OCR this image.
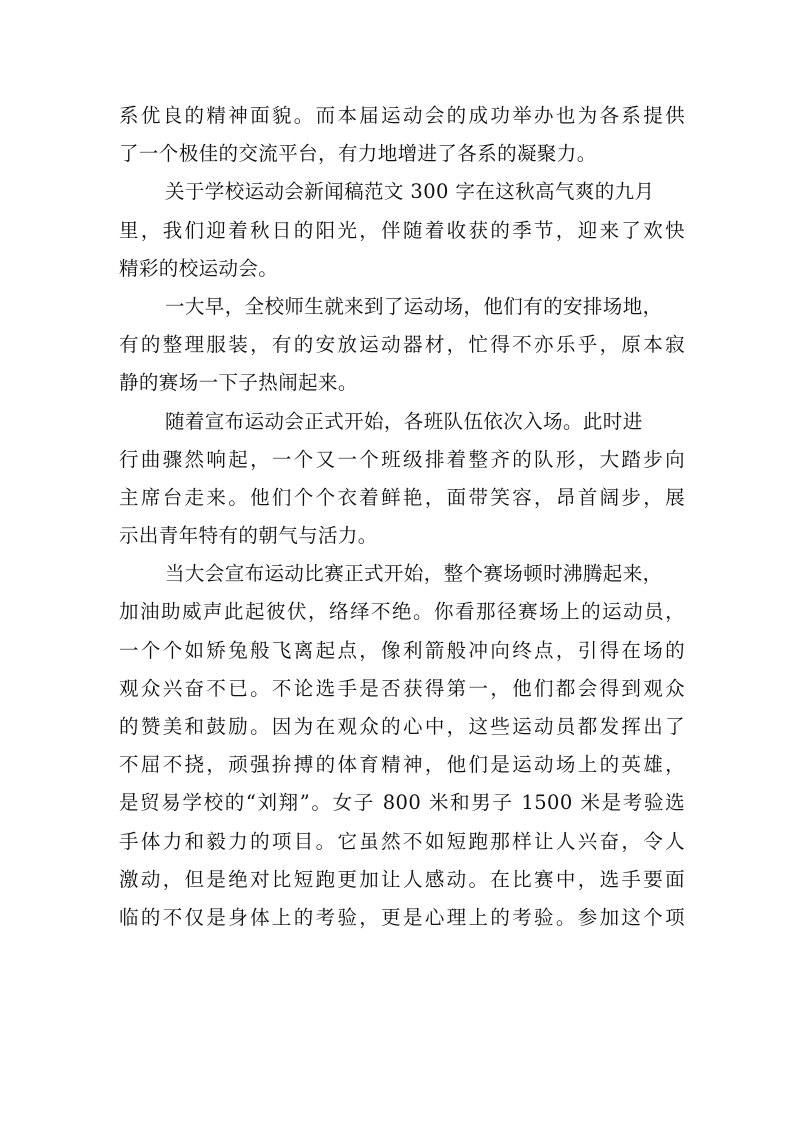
系优良的精神面貌。而本届运动会的成功举办也为各系提供
了一个极佳的交流平台，有力地增进了各系的凝聚力。
关于学校运动会新闻稿范文 300 字在这秋高气爽的九月
里，我们迎着秋日的阳光，伴随着收获的季节，迎来了欢快
精彩的校运动会。
一大早，全校师生就来到了运动场，他们有的安排场地，
有的整理服装，有的安放运动器材，忙得不亦乐乎，原本寂
静的赛场一下子热闹起来。
随着宣布运动会正式开始，各班队伍依次入场。此时进
行曲骤然响起，一个又一个班级排着整齐的队形，大踏步向
主席台走来。他们个个衣着鲜艳，面带笑容，昂首阔步，展
示出青年特有的朝气与活力。
当大会宣布运动比赛正式开始，整个赛场顿时沸腾起来，
加油助威声此起彼伏，络绎不绝。你看那径赛场上的运动员，
一个个如矫兔般飞离起点，像利箭般冲向终点，引得在场的
观众兴奋不已。不论选手是否获得第一，他们都会得到观众
的赞美和鼓励。因为在观众的心中，这些运动员都发挥出了
不屈不挠，顽强拚搏的体育精神，他们是运动场上的英雄，
是贸易学校的“刘翔”。女子 800 米和男子 1500 米是考验选
手体力和毅力的项目。它虽然不如短跑那样让人兴奋，令人
激动，但是绝对比短跑更加让人感动。在比赛中，选手要面
临的不仅是身体上的考验，更是心理上的考验。参加这个项
